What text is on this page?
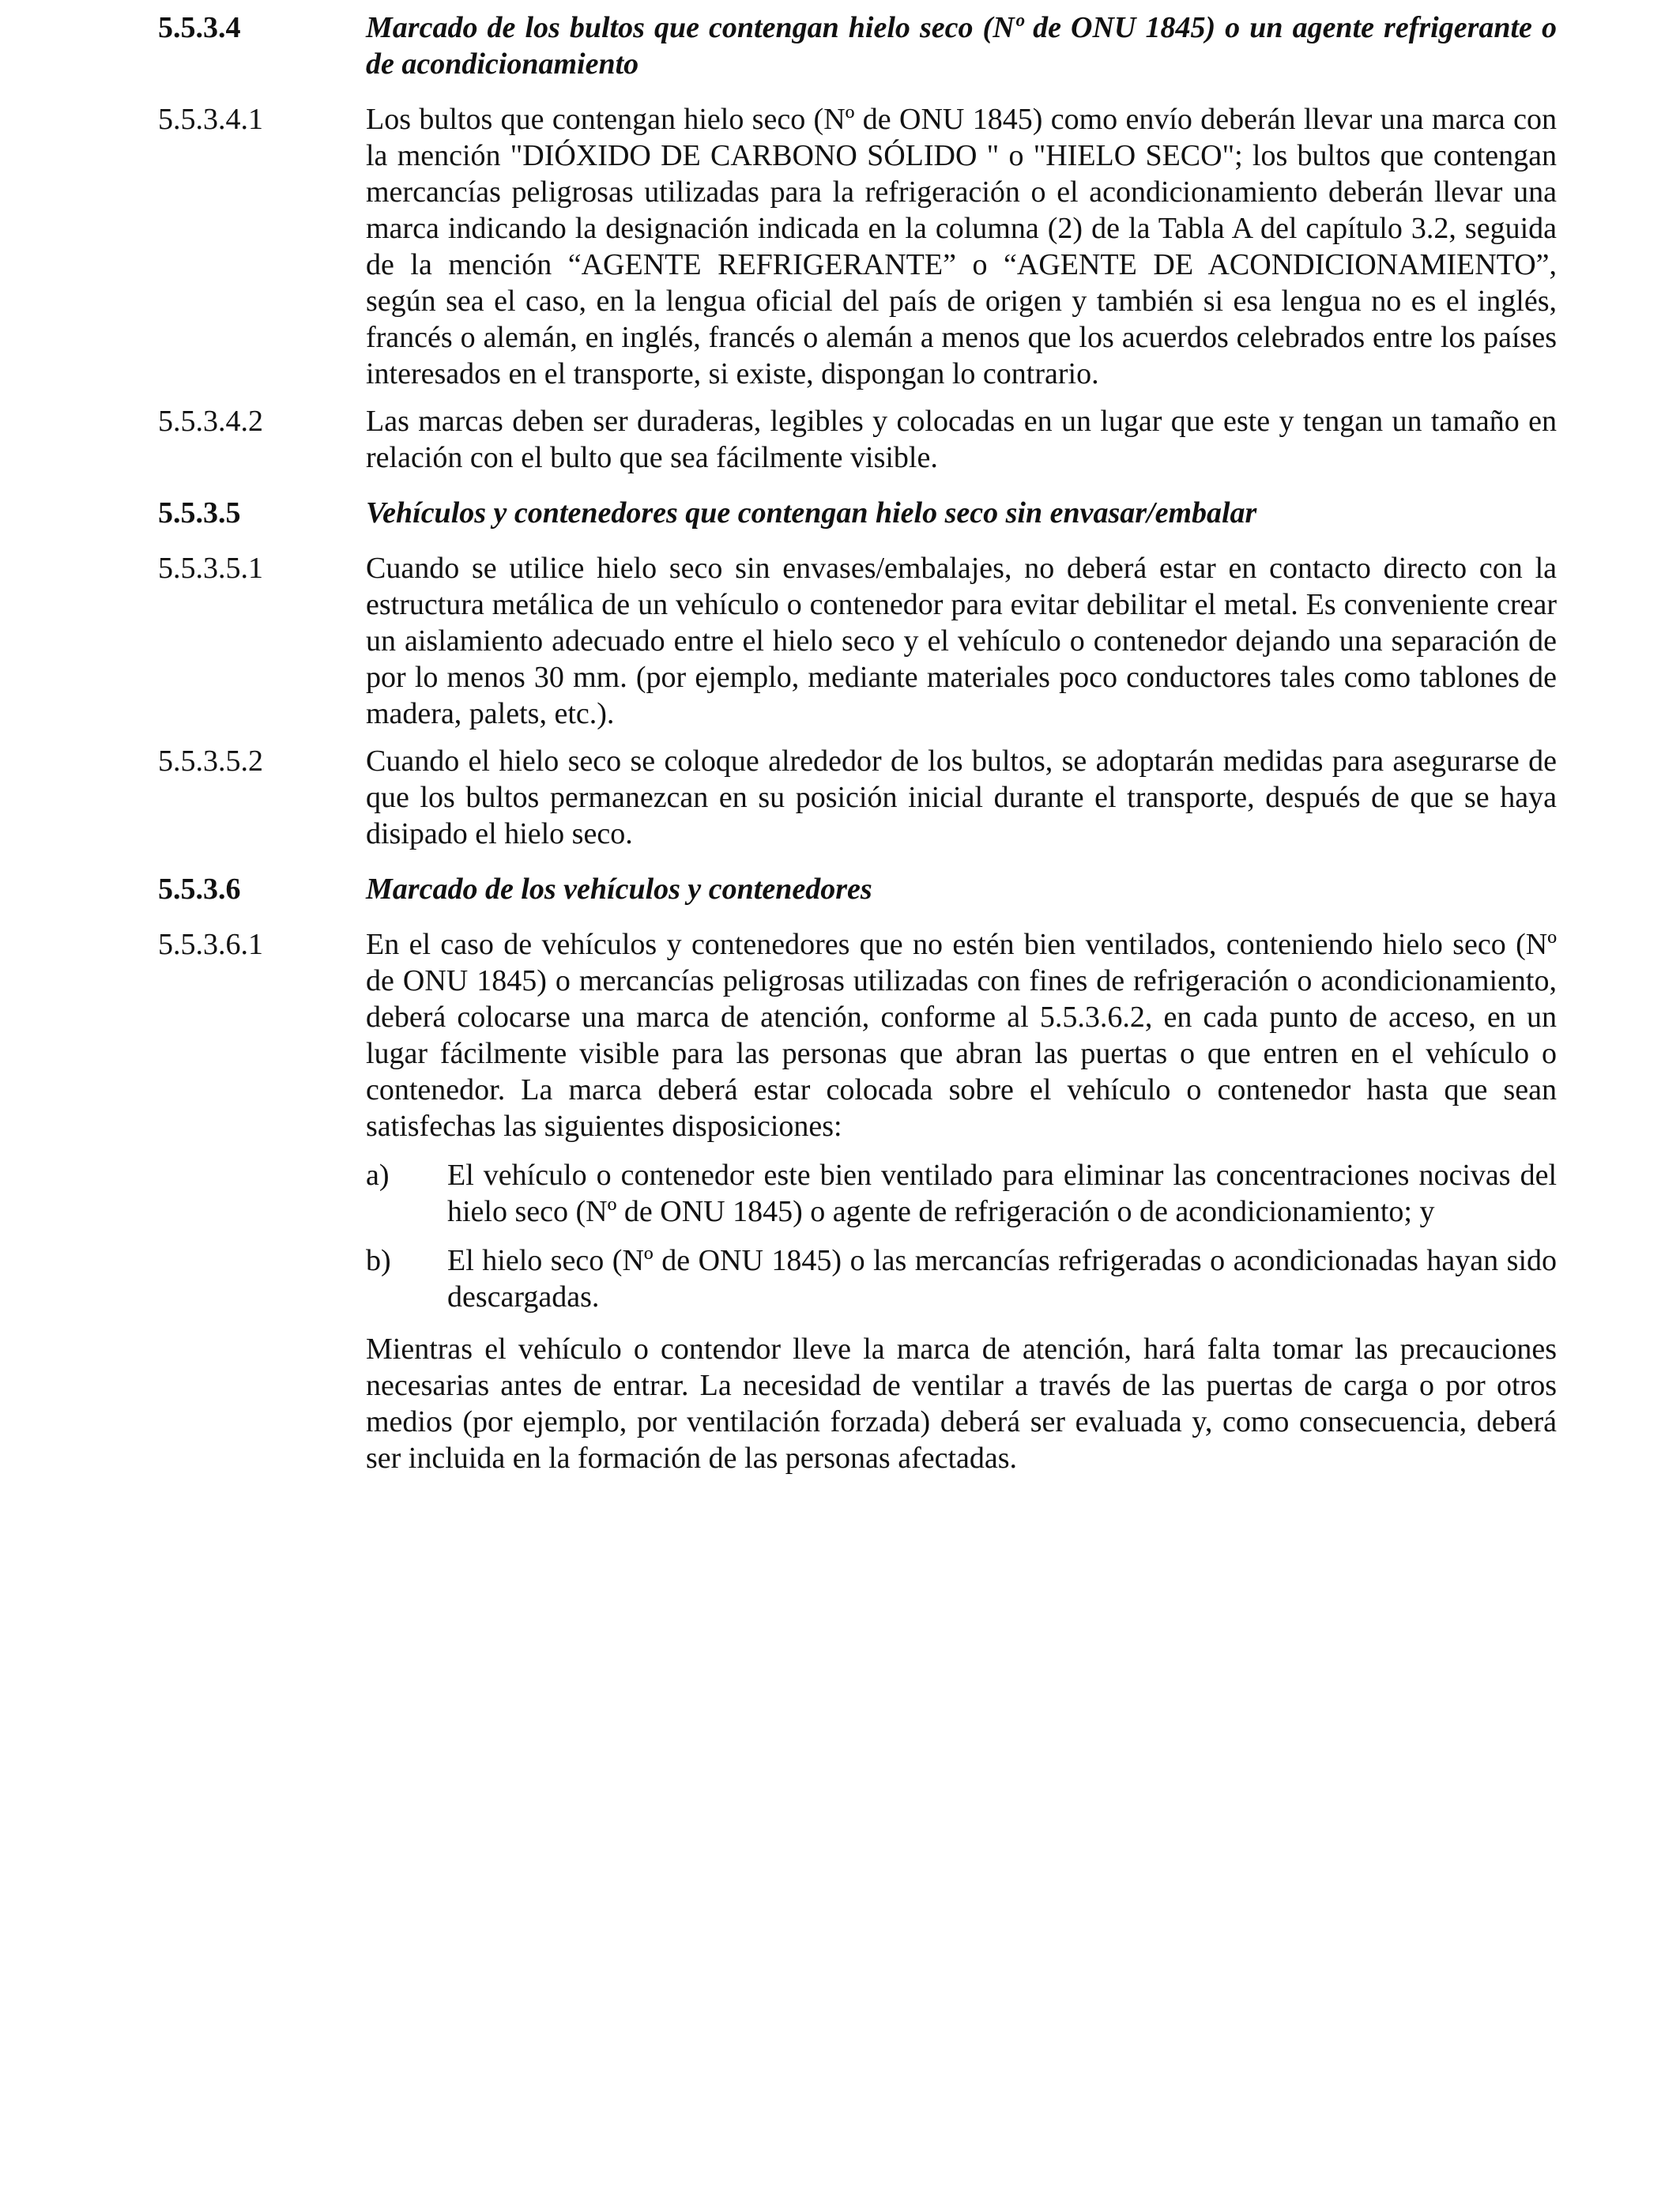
5.5.3.4	Marcado de los bultos que contengan hielo seco (Nº de ONU 1845) o un agente refrigerante o de acondicionamiento
5.5.3.4.1	Los bultos que contengan hielo seco (Nº de ONU 1845) como envío deberán llevar una marca con la mención "DIÓXIDO DE CARBONO SÓLIDO " o "HIELO SECO"; los bultos que contengan mercancías peligrosas utilizadas para la refrigeración o el acondicionamiento deberán llevar una marca indicando la designación indicada en la columna (2) de la Tabla A del capítulo 3.2, seguida de la mención “AGENTE REFRIGERANTE” o “AGENTE DE ACONDICIONAMIENTO”, según sea el caso, en la lengua oficial del país de origen y también si esa lengua no es el inglés, francés o alemán, en inglés, francés o alemán a menos que los acuerdos celebrados entre los países interesados en el transporte, si existe, dispongan lo contrario.
5.5.3.4.2	Las marcas deben ser duraderas, legibles y colocadas en un lugar que este y tengan un tamaño en relación con el bulto que sea fácilmente visible.
5.5.3.5	Vehículos y contenedores que contengan hielo seco sin envasar/embalar
5.5.3.5.1	Cuando se utilice hielo seco sin envases/embalajes, no deberá estar en contacto directo con la estructura metálica de un vehículo o contenedor para evitar debilitar el metal. Es conveniente crear un aislamiento adecuado entre el hielo seco y el vehículo o contenedor dejando una separación de por lo menos 30 mm. (por ejemplo, mediante materiales poco conductores tales como tablones de madera, palets, etc.).
5.5.3.5.2	Cuando el hielo seco se coloque alrededor de los bultos, se adoptarán medidas para asegurarse de que los bultos permanezcan en su posición inicial durante el transporte, después de que se haya disipado el hielo seco.
5.5.3.6	Marcado de los vehículos y contenedores
5.5.3.6.1	En el caso de vehículos y contenedores que no estén bien ventilados, conteniendo hielo seco (Nº de ONU 1845) o mercancías peligrosas utilizadas con fines de refrigeración o acondicionamiento, deberá colocarse una marca de atención, conforme al 5.5.3.6.2, en cada punto de acceso, en un lugar fácilmente visible para las personas que abran las puertas o que entren en el vehículo o contenedor. La marca deberá estar colocada sobre el vehículo o contenedor hasta que sean satisfechas las siguientes disposiciones:
a)	El vehículo o contenedor este bien ventilado para eliminar las concentraciones nocivas del hielo seco (Nº de ONU 1845) o agente de refrigeración o de acondicionamiento; y
b)	El hielo seco (Nº de ONU 1845) o las mercancías refrigeradas o acondicionadas hayan sido descargadas.
Mientras el vehículo o contendor lleve la marca de atención, hará falta tomar las precauciones necesarias antes de entrar. La necesidad de ventilar a través de las puertas de carga o por otros medios (por ejemplo, por ventilación forzada) deberá ser evaluada y, como consecuencia, deberá ser incluida en la formación de las personas afectadas.
